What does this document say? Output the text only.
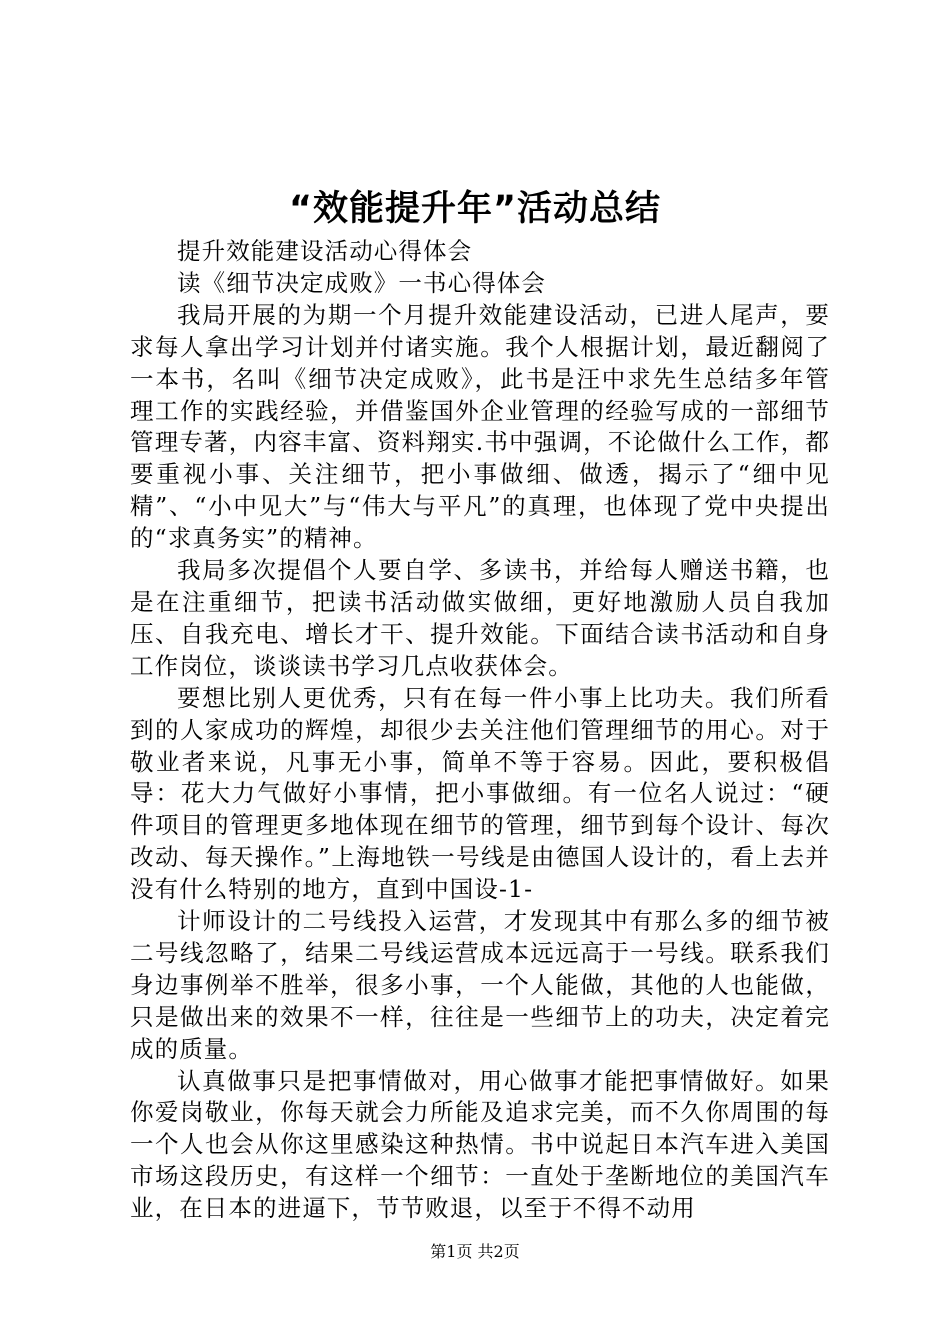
“效能提升年”活动总结

提升效能建设活动心得体会

读《细节决定成败》一书心得体会

我局开展的为期一个月提升效能建设活动，已进人尾声，要求每人拿出学习计划并付诸实施。我个人根据计划，最近翻阅了一本书，名叫《细节决定成败》，此书是汪中求先生总结多年管理工作的实践经验，并借鉴国外企业管理的经验写成的一部细节管理专著，内容丰富、资料翔实.书中强调，不论做什么工作，都要重视小事、关注细节，把小事做细、做透，揭示了“细中见精”、“小中见大”与“伟大与平凡”的真理，也体现了党中央提出的“求真务实”的精神。

我局多次提倡个人要自学、多读书，并给每人赠送书籍，也是在注重细节，把读书活动做实做细，更好地激励人员自我加压、自我充电、增长才干、提升效能。下面结合读书活动和自身工作岗位，谈谈读书学习几点收获体会。

要想比别人更优秀，只有在每一件小事上比功夫。我们所看到的人家成功的辉煌，却很少去关注他们管理细节的用心。对于敬业者来说，凡事无小事，简单不等于容易。因此，要积极倡导：花大力气做好小事情，把小事做细。有一位名人说过：“硬件项目的管理更多地体现在细节的管理，细节到每个设计、每次改动、每天操作。”上海地铁一号线是由德国人设计的，看上去并没有什么特别的地方，直到中国设-1-

计师设计的二号线投入运营，才发现其中有那么多的细节被二号线忽略了，结果二号线运营成本远远高于一号线。联系我们身边事例举不胜举，很多小事，一个人能做，其他的人也能做，只是做出来的效果不一样，往往是一些细节上的功夫，决定着完成的质量。

认真做事只是把事情做对，用心做事才能把事情做好。如果你爱岗敬业，你每天就会力所能及追求完美，而不久你周围的每一个人也会从你这里感染这种热情。书中说起日本汽车进入美国市场这段历史，有这样一个细节：一直处于垄断地位的美国汽车业，在日本的进逼下，节节败退，以至于不得不动用

第1页 共2页
